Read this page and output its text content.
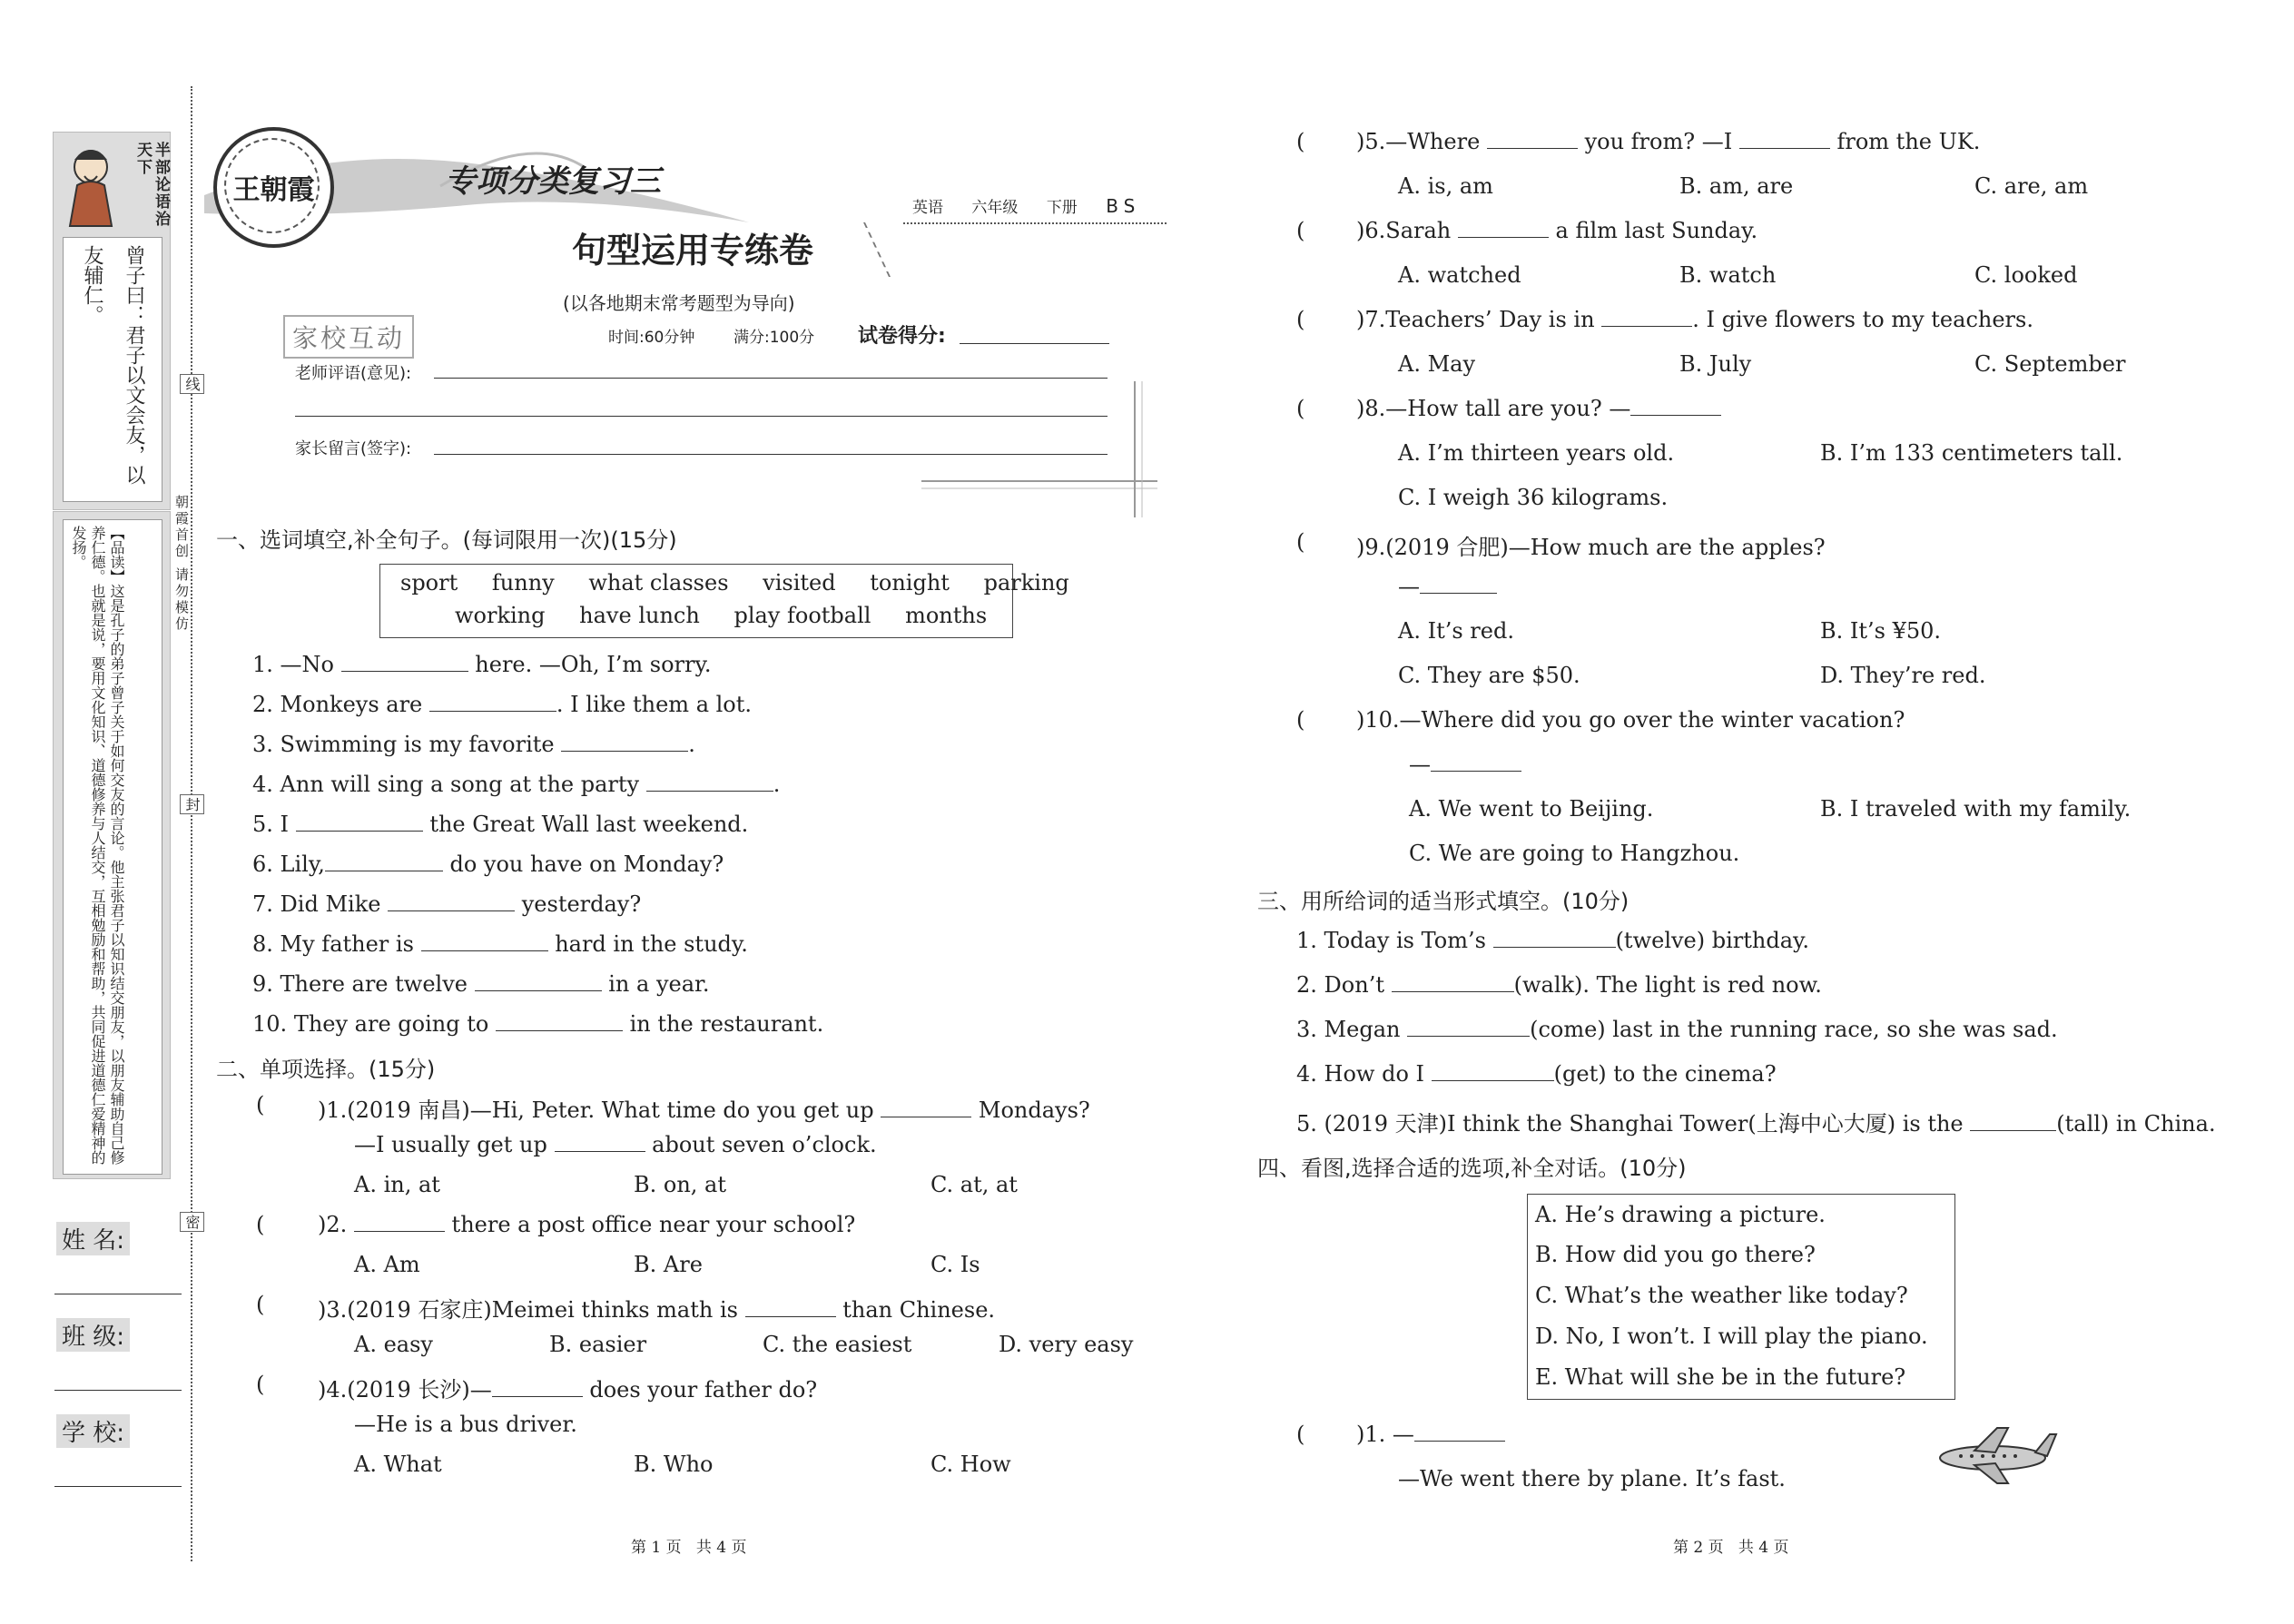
半部论语治天下
曾子曰：君子以文会友，以友辅仁。
【品读】这是孔子的弟子曾子关于如何交友的言论。他主张君子以知识结交朋友，以朋友辅助自己修养仁德。也就是说，要用文化知识、道德修养与人结交，互相勉励和帮助，共同促进道德仁爱精神的发扬。
姓 名:
班 级:
学 校:
线
封
密
朝霞首创 请勿模仿
王朝霞	专项分类复习三
句型运用专练卷
(以各地期末常考题型为导向)
英语 六年级 下册 BS
家校互动	时间:60分钟	满分:100分 试卷得分:
老师评语(意见):
家长留言(签字):
一、选词填空,补全句子。(每词限用一次)(15分)
sport funny what classes visited tonight parking
working have lunch play football months
1. —No	here. —Oh, I’m sorry.
2. Monkeys are	. I like them a lot.
3. Swimming is my favorite	.
4. Ann will sing a song at the party	.
5. I	the Great Wall last weekend.
6. Lily,	do you have on Monday?
7. Did Mike	yesterday?
8. My father is	hard in the study.
9. There are twelve	in a year.
10. They are going to	in the restaurant.
二、单项选择。(15分)
( )1.(2019 南昌)—Hi, Peter. What time do you get up	Mondays?
—I usually get up	about seven o’clock.
A. in, at	B. on, at	C. at, at
( )2.	there a post office near your school?
A. Am	B. Are	C. Is
( )3.(2019 石家庄)Meimei thinks math is	than Chinese.
A. easy	B. easier	C. the easiest	D. very easy
( )4.(2019 长沙)—	does your father do?
—He is a bus driver.
A. What	B. Who	C. How
第 1 页   共 4 页
( )5.—Where	you from? —I	from the UK.
A. is, am	B. am, are	C. are, am
( )6.Sarah	a film last Sunday.
A. watched	B. watch	C. looked
( )7.Teachers’ Day is in	. I give flowers to my teachers.
A. May	B. July	C. September
( )8.—How tall are you? —
A. I’m thirteen years old.	B. I’m 133 centimeters tall.
C. I weigh 36 kilograms.
( )9.(2019 合肥)—How much are the apples?
—
A. It’s red.	B. It’s ¥50.
C. They are $50.	D. They’re red.
( )10.—Where did you go over the winter vacation?
—
A. We went to Beijing.	B. I traveled with my family.
C. We are going to Hangzhou.
三、用所给词的适当形式填空。(10分)
1. Today is Tom’s	(twelve) birthday.
2. Don’t	(walk). The light is red now.
3. Megan	(come) last in the running race, so she was sad.
4. How do I	(get) to the cinema?
5. (2019 天津)I think the Shanghai Tower(上海中心大厦) is the	(tall) in China.
四、看图,选择合适的选项,补全对话。(10分)
A. He’s drawing a picture.
B. How did you go there?
C. What’s the weather like today?
D. No, I won’t. I will play the piano.
E. What will she be in the future?
( )1. —
—We went there by plane. It’s fast.
第 2 页   共 4 页
